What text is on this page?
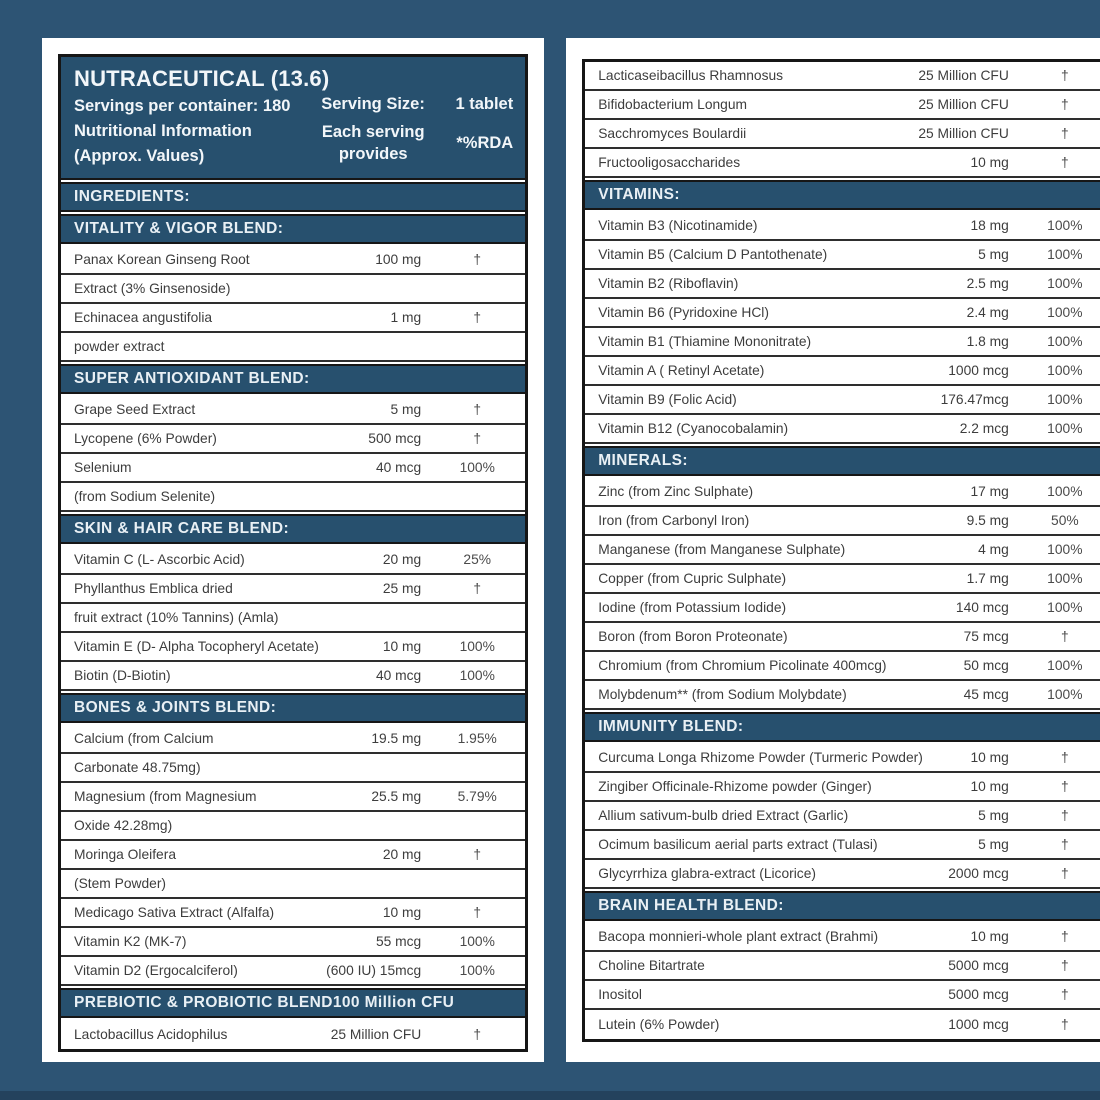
NUTRACEUTICAL (13.6)
Servings per container: 180
Nutritional Information
(Approx. Values)
Serving Size: 1 tablet
Each serving provides
*%RDA
INGREDIENTS:
VITALITY & VIGOR BLEND:
Panax Korean Ginseng Root	100 mg	†
Extract (3% Ginsenoside)
Echinacea angustifolia	1 mg	†
powder extract
SUPER ANTIOXIDANT BLEND:
Grape Seed Extract	5 mg	†
Lycopene (6% Powder)	500 mcg	†
Selenium	40 mcg	100%
(from Sodium Selenite)
SKIN & HAIR CARE BLEND:
Vitamin C (L- Ascorbic Acid)	20 mg	25%
Phyllanthus Emblica dried	25 mg	†
fruit extract (10% Tannins) (Amla)
Vitamin E (D- Alpha Tocopheryl Acetate)	10 mg	100%
Biotin (D-Biotin)	40 mcg	100%
BONES & JOINTS BLEND:
Calcium (from Calcium	19.5 mg	1.95%
Carbonate 48.75mg)
Magnesium (from Magnesium	25.5 mg	5.79%
Oxide 42.28mg)
Moringa Oleifera	20 mg	†
(Stem Powder)
Medicago Sativa Extract (Alfalfa)	10 mg	†
Vitamin K2 (MK-7)	55 mcg	100%
Vitamin D2 (Ergocalciferol)	(600 IU) 15mcg	100%
PREBIOTIC & PROBIOTIC BLEND 100 Million CFU
Lactobacillus Acidophilus	25 Million CFU	†
Lacticaseibacillus Rhamnosus	25 Million CFU	†
Bifidobacterium Longum	25 Million CFU	†
Sacchromyces Boulardii	25 Million CFU	†
Fructooligosaccharides	10 mg	†
VITAMINS:
Vitamin B3 (Nicotinamide)	18 mg	100%
Vitamin B5 (Calcium D Pantothenate)	5 mg	100%
Vitamin B2 (Riboflavin)	2.5 mg	100%
Vitamin B6 (Pyridoxine HCl)	2.4 mg	100%
Vitamin B1 (Thiamine Mononitrate)	1.8 mg	100%
Vitamin A ( Retinyl Acetate)	1000 mcg	100%
Vitamin B9 (Folic Acid)	176.47mcg	100%
Vitamin B12 (Cyanocobalamin)	2.2 mcg	100%
MINERALS:
Zinc (from Zinc Sulphate)	17 mg	100%
Iron (from Carbonyl Iron)	9.5 mg	50%
Manganese (from Manganese Sulphate)	4 mg	100%
Copper (from Cupric Sulphate)	1.7 mg	100%
Iodine (from Potassium Iodide)	140 mcg	100%
Boron (from Boron Proteonate)	75 mcg	†
Chromium (from Chromium Picolinate 400mcg)	50 mcg	100%
Molybdenum** (from Sodium Molybdate)	45 mcg	100%
IMMUNITY BLEND:
Curcuma Longa Rhizome Powder (Turmeric Powder)	10 mg	†
Zingiber Officinale-Rhizome powder (Ginger)	10 mg	†
Allium sativum-bulb dried Extract (Garlic)	5 mg	†
Ocimum basilicum aerial parts extract (Tulasi)	5 mg	†
Glycyrrhiza glabra-extract (Licorice)	2000 mcg	†
BRAIN HEALTH BLEND:
Bacopa monnieri-whole plant extract (Brahmi)	10 mg	†
Choline Bitartrate	5000 mcg	†
Inositol	5000 mcg	†
Lutein (6% Powder)	1000 mcg	†
